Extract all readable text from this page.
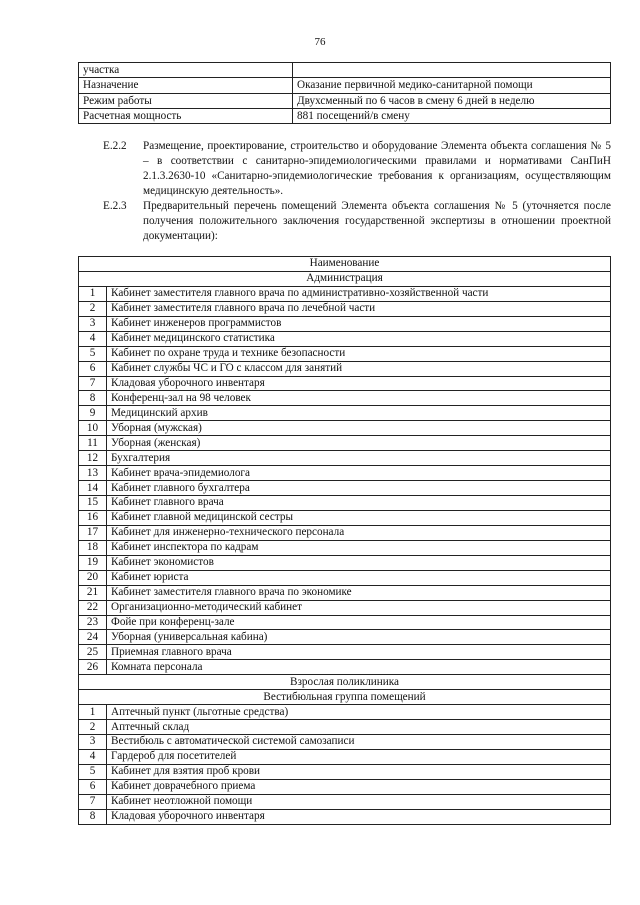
76
участка	
Назначение	Оказание первичной медико-санитарной помощи
Режим работы	Двухсменный по 6 часов в смену 6 дней в неделю
Расчетная мощность	881 посещений/в смену
Е.2.2	Размещение, проектирование, строительство и оборудование Элемента объекта соглашения № 5 – в соответствии с санитарно-эпидемиологическими правилами и нормативами СанПиН 2.1.3.2630-10 «Санитарно-эпидемиологические требования к организациям, осуществляющим медицинскую деятельность».
Е.2.3	Предварительный перечень помещений Элемента объекта соглашения № 5 (уточняется после получения положительного заключения государственной экспертизы в отношении проектной документации):
Наименование	
Администрация	
1	Кабинет заместителя главного врача по административно-хозяйственной части
2	Кабинет заместителя главного врача по лечебной части
3	Кабинет инженеров программистов
4	Кабинет медицинского статистика
5	Кабинет по охране труда и технике безопасности
6	Кабинет службы ЧС и ГО с классом для занятий
7	Кладовая уборочного инвентаря
8	Конференц-зал на 98 человек
9	Медицинский архив
10	Уборная (мужская)
11	Уборная (женская)
12	Бухгалтерия
13	Кабинет врача-эпидемиолога
14	Кабинет главного бухгалтера
15	Кабинет главного врача
16	Кабинет главной медицинской сестры
17	Кабинет для инженерно-технического персонала
18	Кабинет инспектора по кадрам
19	Кабинет экономистов
20	Кабинет юриста
21	Кабинет заместителя главного врача по экономике
22	Организационно-методический кабинет
23	Фойе при конференц-зале
24	Уборная (универсальная кабина)
25	Приемная главного врача
26	Комната персонала
Взрослая поликлиника	
Вестибюльная группа помещений	
1	Аптечный пункт (льготные средства)
2	Аптечный склад
3	Вестибюль с автоматической системой самозаписи
4	Гардероб для посетителей
5	Кабинет для взятия проб крови
6	Кабинет доврачебного приема
7	Кабинет неотложной помощи
8	Кладовая уборочного инвентаря
